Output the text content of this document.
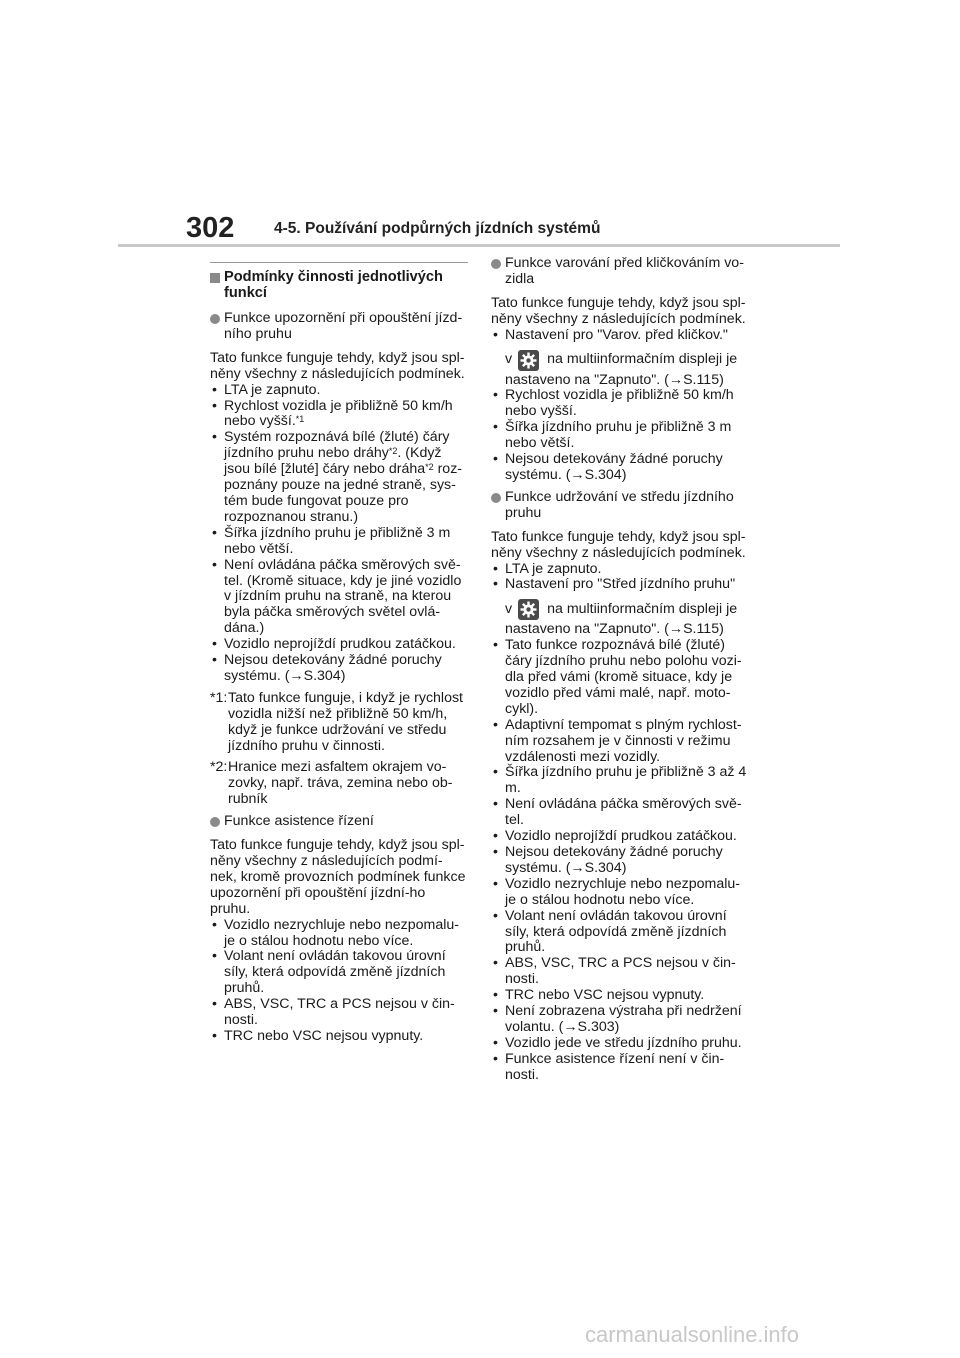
302	4-5. Používání podpůrných jízdních systémů
Podmínky činnosti jednotlivých funkcí
Funkce upozornění při opouštění jízd-ního pruhu

Tato funkce funguje tehdy, když jsou spl-něny všechny z následujících podmínek.

• LTA je zapnuto.
• Rychlost vozidla je přibližně 50 km/h nebo vyšší.$^{*1}$
• Systém rozpoznává bílé (žluté) čáry jízdního pruhu nebo dráhy$^{*2}$. (Když jsou bílé [žluté] čáry nebo dráha$^{*2}$ roz-poznány pouze na jedné straně, sys-tém bude fungovat pouze pro rozpoznanou stranu.)
• Šířka jízdního pruhu je přibližně 3 m nebo větší.
• Není ovládána páčka směrových svě-tel. (Kromě situace, kdy je jiné vozidlo v jízdním pruhu na straně, na kterou byla páčka směrových světel ovlá-dána.)
• Vozidlo neprojíždí prudkou zatáčkou.
• Nejsou detekovány žádné poruchy systému. (→S.304)
*1: Tato funkce funguje, i když je rychlost vozidla nižší než přibližně 50 km/h, když je funkce udržování ve středu jízdního pruhu v činnosti.
*2: Hranice mezi asfaltem okrajem vo-zovky, např. tráva, zemina nebo ob-rubník
Funkce asistence řízení

Tato funkce funguje tehdy, když jsou spl-něny všechny z následujících podmí-nek, kromě provozních podmínek funkce upozornění při opouštění jízdní-ho pruhu.

• Vozidlo nezrychluje nebo nezpomalu-je o stálou hodnotu nebo více.
• Volant není ovládán takovou úrovní síly, která odpovídá změně jízdních pruhů.
• ABS, VSC, TRC a PCS nejsou v čin-nosti.
• TRC nebo VSC nejsou vypnuty.
Funkce varování před kličkováním vo-zidla

Tato funkce funguje tehdy, když jsou spl-něny všechny z následujících podmínek.

• Nastavení pro "Varov. před kličkov."
v na multiinformačním displeji je

nastaveno na "Zapnuto". (→S.115)

• Rychlost vozidla je přibližně 50 km/h nebo vyšší.
• Šířka jízdního pruhu je přibližně 3 m nebo větší.
• Nejsou detekovány žádné poruchy systému. (→S.304)
Funkce udržování ve středu jízdního pruhu

Tato funkce funguje tehdy, když jsou spl-něny všechny z následujících podmínek.

• LTA je zapnuto.
• Nastavení pro "Střed jízdního pruhu"
v na multiinformačním displeji je

nastaveno na "Zapnuto". (→S.115)

• Tato funkce rozpoznává bílé (žluté) čáry jízdního pruhu nebo polohu vozi-dla před vámi (kromě situace, kdy je vozidlo před vámi malé, např. moto-cykl).
• Adaptivní tempomat s plným rychlost-ním rozsahem je v činnosti v režimu vzdálenosti mezi vozidly.
• Šířka jízdního pruhu je přibližně 3 až 4 m.
• Není ovládána páčka směrových svě-tel.
• Vozidlo neprojíždí prudkou zatáčkou.
• Nejsou detekovány žádné poruchy systému. (→S.304)
• Vozidlo nezrychluje nebo nezpomalu-je o stálou hodnotu nebo více.
• Volant není ovládán takovou úrovní síly, která odpovídá změně jízdních pruhů.
• ABS, VSC, TRC a PCS nejsou v čin-nosti.
• TRC nebo VSC nejsou vypnuty.
• Není zobrazena výstraha při nedržení volantu. (→S.303)
• Vozidlo jede ve středu jízdního pruhu.
• Funkce asistence řízení není v čin-nosti.
carmanualsonline.info
